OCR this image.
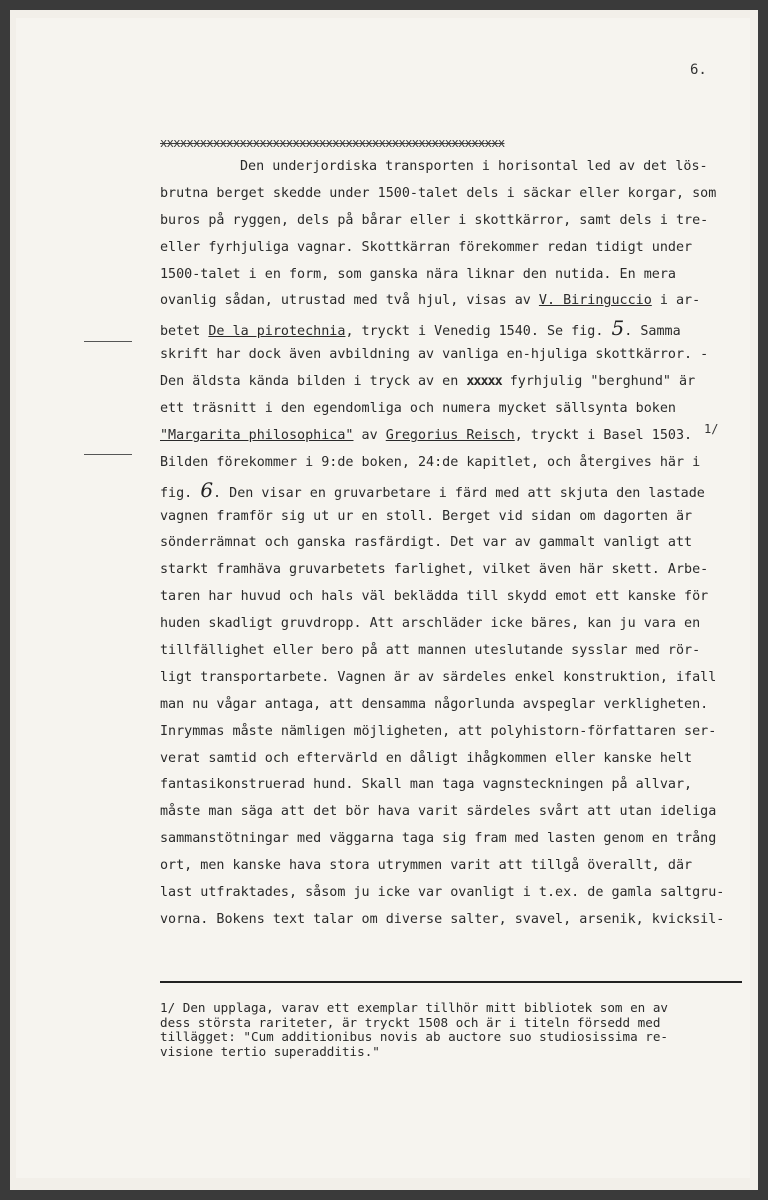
6.
xxxxxxxxxxxxxxxxxxxxxxxxxxxxxxxxxxxxxxxxxxxxxxxxxxxx
Den underjordiska transporten i horisontal led av det lös-
brutna berget skedde under 1500-talet dels i säckar eller korgar, som
buros på ryggen, dels på bårar eller i skottkärror, samt dels i tre-
eller fyrhjuliga vagnar. Skottkärran förekommer redan tidigt under
1500-talet i en form, som ganska nära liknar den nutida. En mera
ovanlig sådan, utrustad med två hjul, visas av V. Biringuccio i ar-
betet De la pirotechnia, tryckt i Venedig 1540. Se fig. 5. Samma
skrift har dock även avbildning av vanliga en-hjuliga skottkärror. -
Den äldsta kända bilden i tryck av en xxxxx fyrhjulig "berghund" är
ett träsnitt i den egendomliga och numera mycket sällsynta boken
"Margarita philosophica" av Gregorius Reisch, tryckt i Basel 1503.
Bilden förekommer i 9:de boken, 24:de kapitlet, och återgives här i
fig. 6. Den visar en gruvarbetare i färd med att skjuta den lastade
vagnen framför sig ut ur en stoll. Berget vid sidan om dagorten är
sönderrämnat och ganska rasfärdigt. Det var av gammalt vanligt att
starkt framhäva gruvarbetets farlighet, vilket även här skett. Arbe-
taren har huvud och hals väl beklädda till skydd emot ett kanske för
huden skadligt gruvdropp. Att arschläder icke bäres, kan ju vara en
tillfällighet eller bero på att mannen uteslutande sysslar med rör-
ligt transportarbete. Vagnen är av särdeles enkel konstruktion, ifall
man nu vågar antaga, att densamma någorlunda avspeglar verkligheten.
Inrymmas måste nämligen möjligheten, att polyhistorn-författaren ser-
verat samtid och eftervärld en dåligt ihågkommen eller kanske helt
fantasikonstruerad hund. Skall man taga vagnsteckningen på allvar,
måste man säga att det bör hava varit särdeles svårt att utan ideliga
sammanstötningar med väggarna taga sig fram med lasten genom en trång
ort, men kanske hava stora utrymmen varit att tillgå överallt, där
last utfraktades, såsom ju icke var ovanligt i t.ex. de gamla saltgru-
vorna. Bokens text talar om diverse salter, svavel, arsenik, kvicksil-
1/
1/ Den upplaga, varav ett exemplar tillhör mitt bibliotek som en av
dess största rariteter, är tryckt 1508 och är i titeln försedd med
tillägget: "Cum additionibus novis ab auctore suo studiosissima re-
visione tertio superadditis."
